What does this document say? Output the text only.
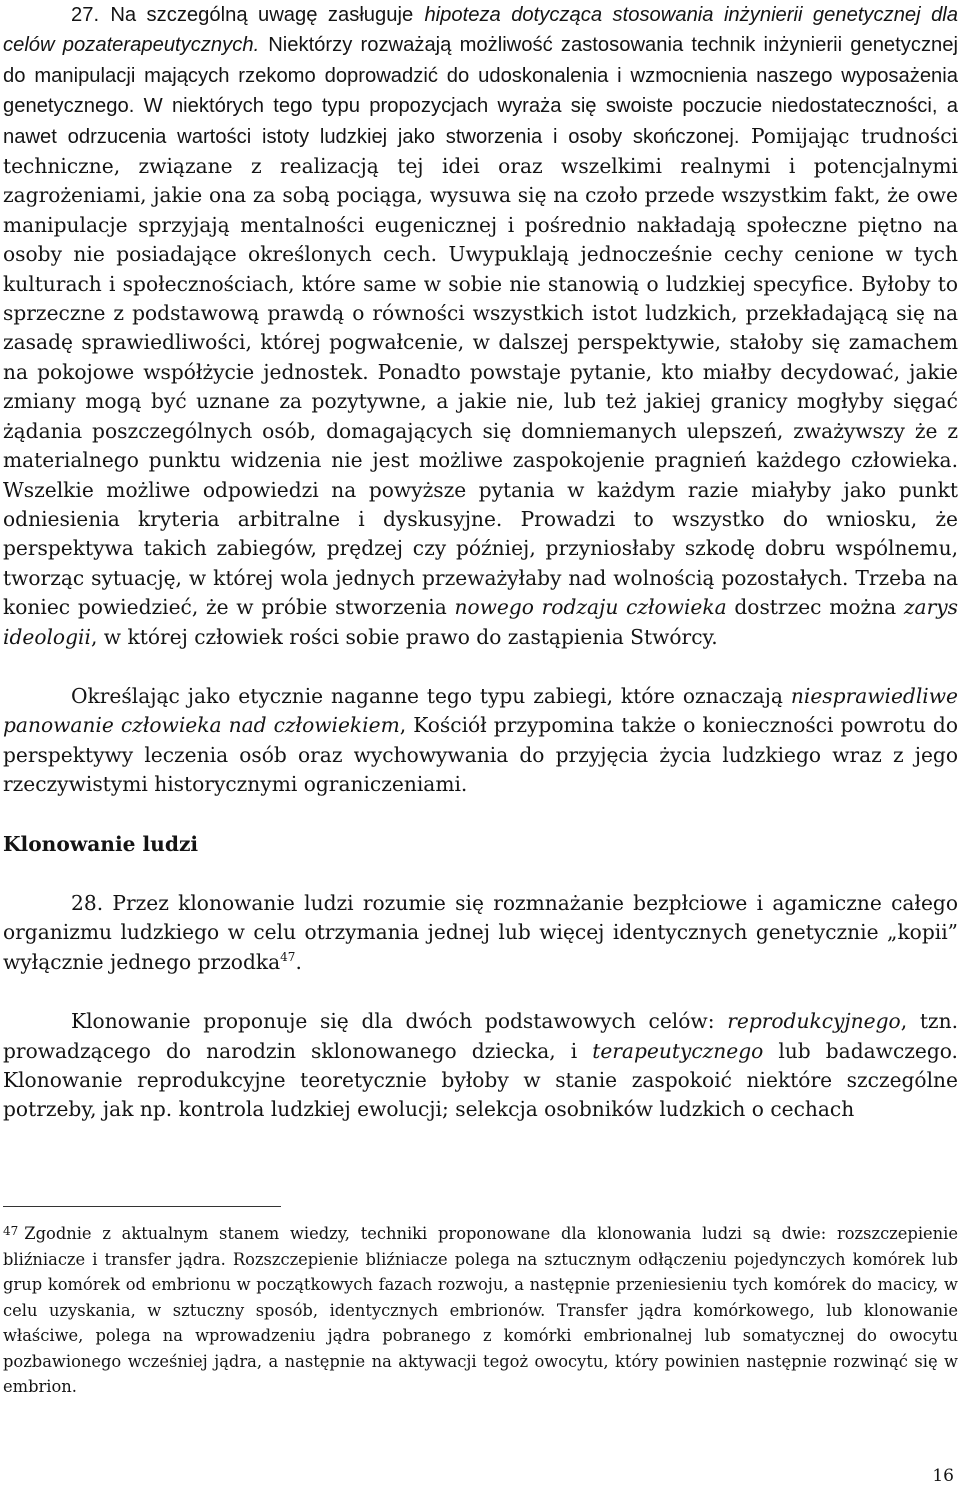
27. Na szczególną uwagę zasługuje hipoteza dotycząca stosowania inżynierii genetycznej dla celów pozaterapeutycznych. Niektórzy rozważają możliwość zastosowania technik inżynierii genetycznej do manipulacji mających rzekomo doprowadzić do udoskonalenia i wzmocnienia naszego wyposażenia genetycznego. W niektórych tego typu propozycjach wyraża się swoiste poczucie niedostateczności, a nawet odrzucenia wartości istoty ludzkiej jako stworzenia i osoby skończonej. Pomijając trudności techniczne, związane z realizacją tej idei oraz wszelkimi realnymi i potencjalnymi zagrożeniami, jakie ona za sobą pociąga, wysuwa się na czoło przede wszystkim fakt, że owe manipulacje sprzyjają mentalności eugenicznej i pośrednio nakładają społeczne piętno na osoby nie posiadające określonych cech. Uwypuklają jednocześnie cechy cenione w tych kulturach i społecznościach, które same w sobie nie stanowią o ludzkiej specyfice. Byłoby to sprzeczne z podstawową prawdą o równości wszystkich istot ludzkich, przekładającą się na zasadę sprawiedliwości, której pogwałcenie, w dalszej perspektywie, stałoby się zamachem na pokojowe współżycie jednostek. Ponadto powstaje pytanie, kto miałby decydować, jakie zmiany mogą być uznane za pozytywne, a jakie nie, lub też jakiej granicy mogłyby sięgać żądania poszczególnych osób, domagających się domniemanych ulepszeń, zważywszy że z materialnego punktu widzenia nie jest możliwe zaspokojenie pragnień każdego człowieka. Wszelkie możliwe odpowiedzi na powyższe pytania w każdym razie miałyby jako punkt odniesienia kryteria arbitralne i dyskusyjne. Prowadzi to wszystko do wniosku, że perspektywa takich zabiegów, prędzej czy później, przyniosłaby szkodę dobru wspólnemu, tworząc sytuację, w której wola jednych przeważyłaby nad wolnością pozostałych. Trzeba na koniec powiedzieć, że w próbie stworzenia nowego rodzaju człowieka dostrzec można zarys ideologii, w której człowiek rości sobie prawo do zastąpienia Stwórcy.

Określając jako etycznie naganne tego typu zabiegi, które oznaczają niesprawiedliwe panowanie człowieka nad człowiekiem, Kościół przypomina także o konieczności powrotu do perspektywy leczenia osób oraz wychowywania do przyjęcia życia ludzkiego wraz z jego rzeczywistymi historycznymi ograniczeniami.

Klonowanie ludzi

28. Przez klonowanie ludzi rozumie się rozmnażanie bezpłciowe i agamiczne całego organizmu ludzkiego w celu otrzymania jednej lub więcej identycznych genetycznie „kopii” wyłącznie jednego przodka$^{47}$.

Klonowanie proponuje się dla dwóch podstawowych celów: reprodukcyjnego, tzn. prowadzącego do narodzin sklonowanego dziecka, i terapeutycznego lub badawczego. Klonowanie reprodukcyjne teoretycznie byłoby w stanie zaspokoić niektóre szczególne potrzeby, jak np. kontrola ludzkiej ewolucji; selekcja osobników ludzkich o cechach

$^{47}$ Zgodnie z aktualnym stanem wiedzy, techniki proponowane dla klonowania ludzi są dwie: rozszczepienie bliźniacze i transfer jądra. Rozszczepienie bliźniacze polega na sztucznym odłączeniu pojedynczych komórek lub grup komórek od embrionu w początkowych fazach rozwoju, a następnie przeniesieniu tych komórek do macicy, w celu uzyskania, w sztuczny sposób, identycznych embrionów. Transfer jądra komórkowego, lub klonowanie właściwe, polega na wprowadzeniu jądra pobranego z komórki embrionalnej lub somatycznej do owocytu pozbawionego wcześniej jądra, a następnie na aktywacji tegoż owocytu, który powinien następnie rozwinąć się w embrion.

16
